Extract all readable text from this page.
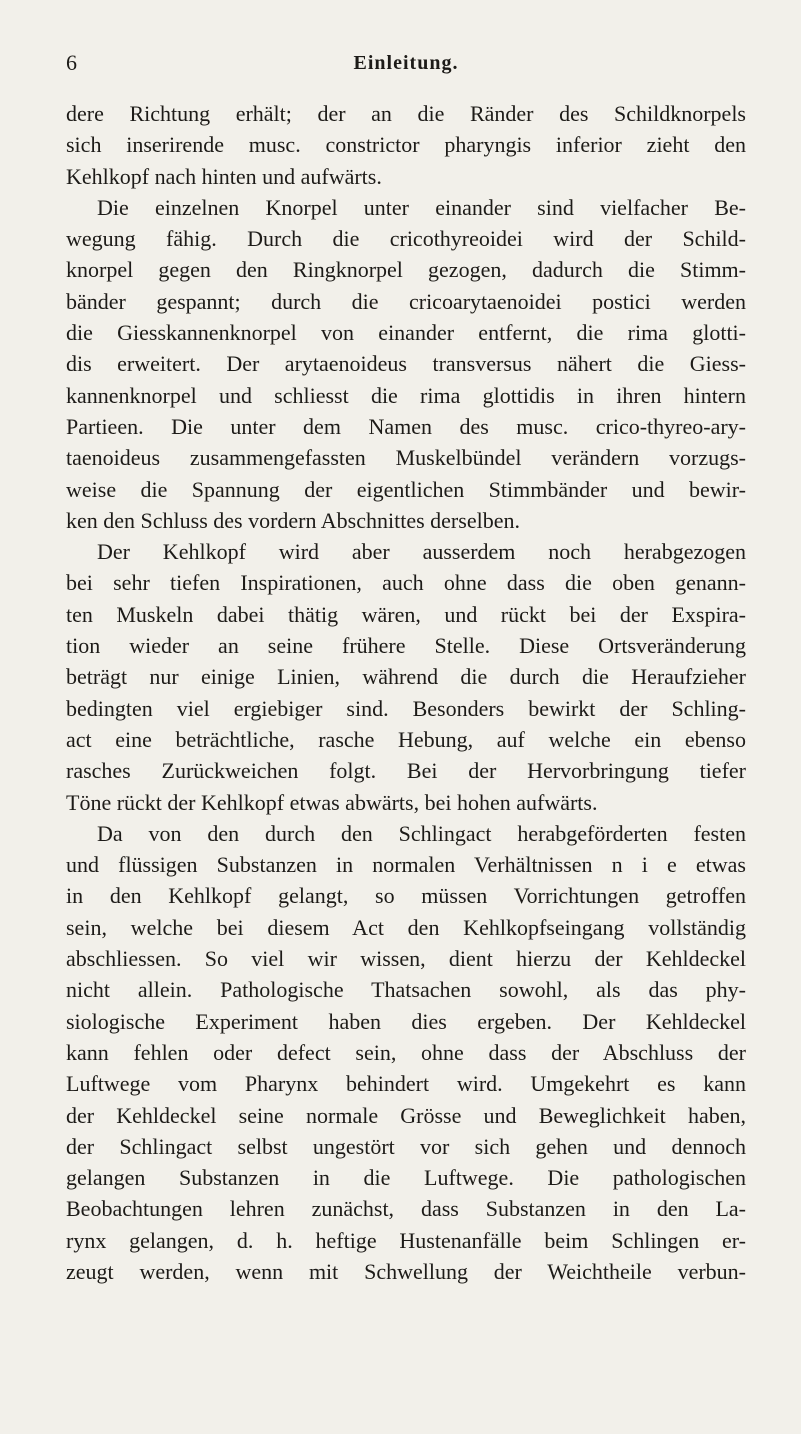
6	Einleitung.
dere Richtung erhält; der an die Ränder des Schildknorpels
sich inserirende musc. constrictor pharyngis inferior zieht den
Kehlkopf nach hinten und aufwärts.
Die einzelnen Knorpel unter einander sind vielfacher Be-
wegung fähig. Durch die cricothyreoidei wird der Schild-
knorpel gegen den Ringknorpel gezogen, dadurch die Stimm-
bänder gespannt; durch die cricoarytaenoidei postici werden
die Giesskannenknorpel von einander entfernt, die rima glotti-
dis erweitert. Der arytaenoideus transversus nähert die Giess-
kannenknorpel und schliesst die rima glottidis in ihren hintern
Partieen. Die unter dem Namen des musc. crico-thyreo-ary-
taenoideus zusammengefassten Muskelbündel verändern vorzugs-
weise die Spannung der eigentlichen Stimmbänder und bewir-
ken den Schluss des vordern Abschnittes derselben.
Der Kehlkopf wird aber ausserdem noch herabgezogen
bei sehr tiefen Inspirationen, auch ohne dass die oben genann-
ten Muskeln dabei thätig wären, und rückt bei der Exspira-
tion wieder an seine frühere Stelle. Diese Ortsveränderung
beträgt nur einige Linien, während die durch die Heraufzieher
bedingten viel ergiebiger sind. Besonders bewirkt der Schling-
act eine beträchtliche, rasche Hebung, auf welche ein ebenso
rasches Zurückweichen folgt. Bei der Hervorbringung tiefer
Töne rückt der Kehlkopf etwas abwärts, bei hohen aufwärts.
Da von den durch den Schlingact herabgeförderten festen
und flüssigen Substanzen in normalen Verhältnissen n i e etwas
in den Kehlkopf gelangt, so müssen Vorrichtungen getroffen
sein, welche bei diesem Act den Kehlkopfseingang vollständig
abschliessen. So viel wir wissen, dient hierzu der Kehldeckel
nicht allein. Pathologische Thatsachen sowohl, als das phy-
siologische Experiment haben dies ergeben. Der Kehldeckel
kann fehlen oder defect sein, ohne dass der Abschluss der
Luftwege vom Pharynx behindert wird. Umgekehrt es kann
der Kehldeckel seine normale Grösse und Beweglichkeit haben,
der Schlingact selbst ungestört vor sich gehen und dennoch
gelangen Substanzen in die Luftwege. Die pathologischen
Beobachtungen lehren zunächst, dass Substanzen in den La-
rynx gelangen, d. h. heftige Hustenanfälle beim Schlingen er-
zeugt werden, wenn mit Schwellung der Weichtheile verbun-
